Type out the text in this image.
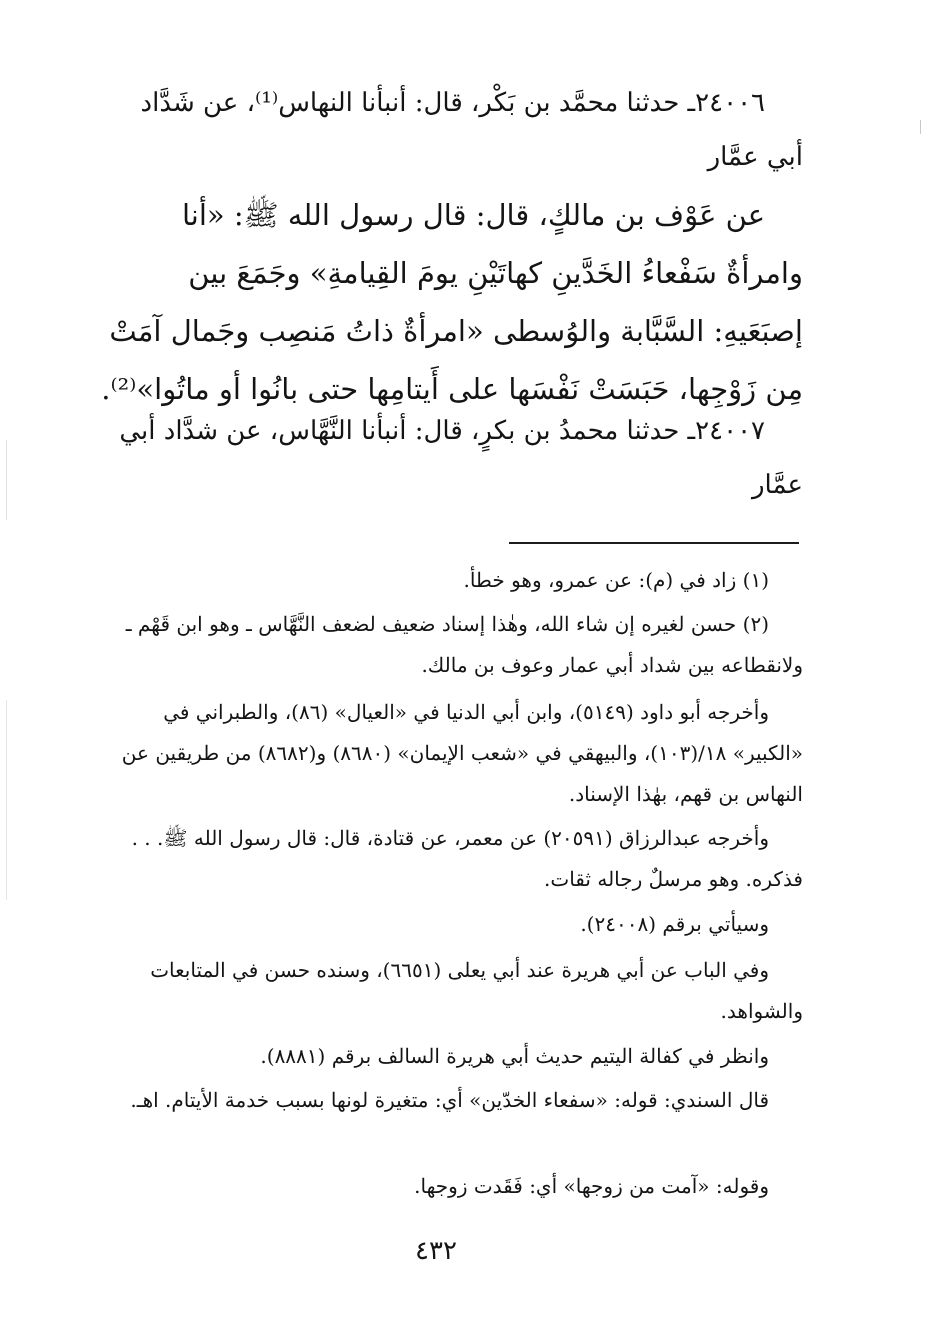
٢٤٠٠٦ـ حدثنا محمَّد بن بَكْر، قال: أنبأنا النهاس⁽¹⁾، عن شَدَّاد أبي عمَّار

عن عَوْف بن مالكٍ، قال: قال رسول الله ﷺ: «أنا وامرأةٌ سَفْعاءُ الخَدَّينِ كهاتَيْنِ يومَ القِيامةِ» وجَمَعَ بين إصبَعَيهِ: السَّبَّابة والوُسطى «امرأةٌ ذاتُ مَنصِب وجَمال آمَتْ مِن زَوْجِها، حَبَسَتْ نَفْسَها على أَيتامِها حتى بانُوا أو ماتُوا»⁽²⁾.

٢٤٠٠٧ـ حدثنا محمدُ بن بكرٍ، قال: أنبأنا النَّهَّاس، عن شدَّاد أبي عمَّار

(١) زاد في (م): عن عمرو، وهو خطأ.

(٢) حسن لغيره إن شاء الله، وهٰذا إسناد ضعيف لضعف النَّهَّاس ـ وهو ابن قَهْم ـ ولانقطاعه بين شداد أبي عمار وعوف بن مالك.

وأخرجه أبو داود (٥١٤٩)، وابن أبي الدنيا في «العيال» (٨٦)، والطبراني في «الكبير» ١٨/(١٠٣)، والبيهقي في «شعب الإيمان» (٨٦٨٠) و(٨٦٨٢) من طريقين عن النهاس بن قهم، بهٰذا الإسناد.

وأخرجه عبدالرزاق (٢٠٥٩١) عن معمر، عن قتادة، قال: قال رسول الله ﷺ. . . فذكره. وهو مرسلٌ رجاله ثقات.

وسيأتي برقم (٢٤٠٠٨).

وفي الباب عن أبي هريرة عند أبي يعلى (٦٦٥١)، وسنده حسن في المتابعات والشواهد.

وانظر في كفالة اليتيم حديث أبي هريرة السالف برقم (٨٨٨١).

قال السندي: قوله: «سفعاء الخدّين» أي: متغيرة لونها بسبب خدمة الأيتام. اهـ.

وقوله: «آمت من زوجها» أي: فَقَدت زوجها.

٤٣٢
